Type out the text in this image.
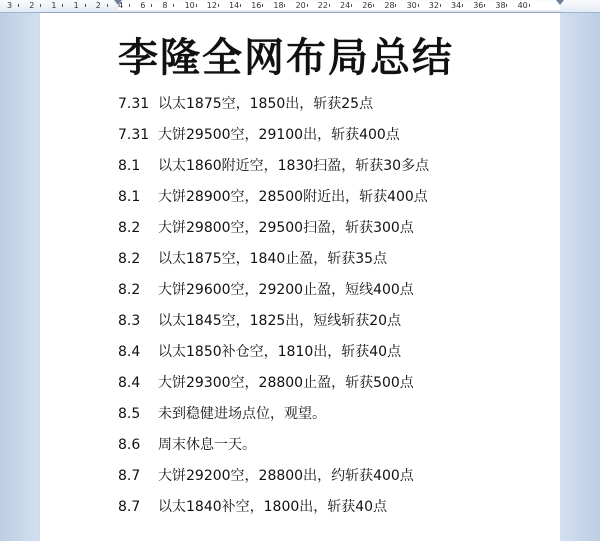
3 2 1 1 2 4 6 8 10 12 14 16 18 20 22 24 26 28 30 32 34 36 38 40
李隆全网布局总结
7.31 以太1875空，1850出，斩获25点
7.31 大饼29500空，29100出，斩获400点
8.1 以太1860附近空，1830扫盈，斩获30多点
8.1 大饼28900空，28500附近出，斩获400点
8.2 大饼29800空，29500扫盈，斩获300点
8.2 以太1875空，1840止盈，斩获35点
8.2 大饼29600空，29200止盈，短线400点
8.3 以太1845空，1825出，短线斩获20点
8.4 以太1850补仓空，1810出，斩获40点
8.4 大饼29300空，28800止盈，斩获500点
8.5 未到稳健进场点位，观望。
8.6 周末休息一天。
8.7 大饼29200空，28800出，约斩获400点
8.7 以太1840补空，1800出，斩获40点
